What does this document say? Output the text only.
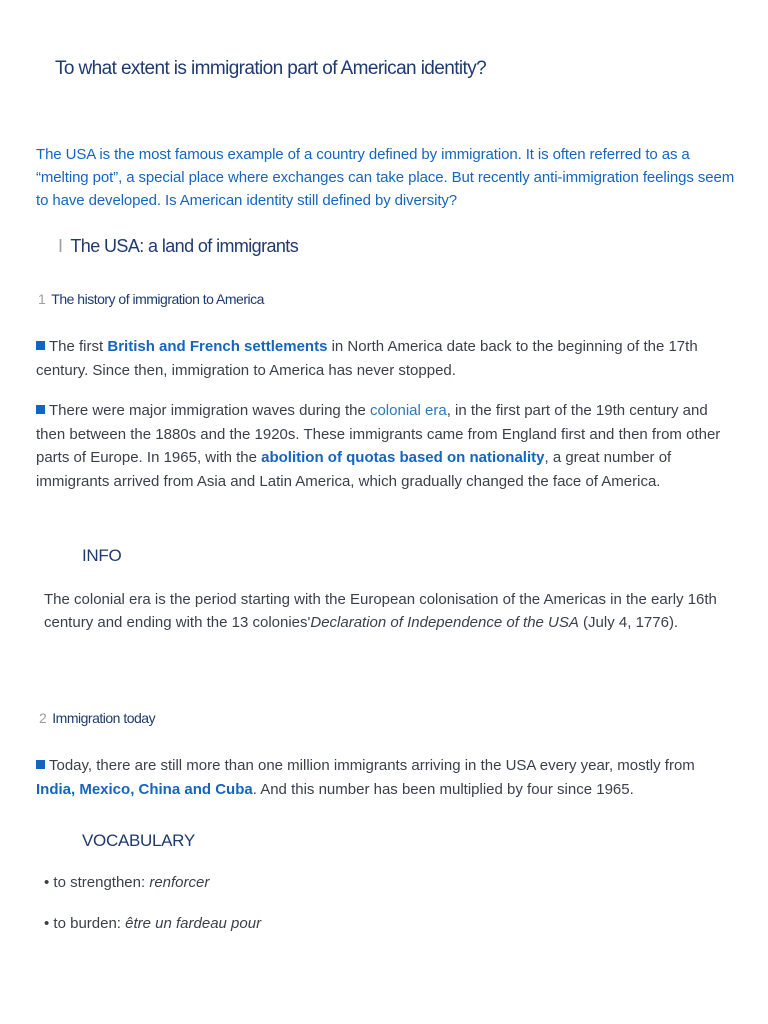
To what extent is immigration part of American identity?
The USA is the most famous example of a country defined by immigration. It is often referred to as a “melting pot”, a special place where exchanges can take place. But recently anti-immigration feelings seem to have developed. Is American identity still defined by diversity?
I The USA: a land of immigrants
1 The history of immigration to America
The first British and French settlements in North America date back to the beginning of the 17th century. Since then, immigration to America has never stopped.
There were major immigration waves during the colonial era, in the first part of the 19th century and then between the 1880s and the 1920s. These immigrants came from England first and then from other parts of Europe. In 1965, with the abolition of quotas based on nationality, a great number of immigrants arrived from Asia and Latin America, which gradually changed the face of America.
INFO
The colonial era is the period starting with the European colonisation of the Americas in the early 16th century and ending with the 13 colonies'Declaration of Independence of the USA (July 4, 1776).
2 Immigration today
Today, there are still more than one million immigrants arriving in the USA every year, mostly from India, Mexico, China and Cuba. And this number has been multiplied by four since 1965.
VOCABULARY
• to strengthen: renforcer
• to burden: être un fardeau pour
